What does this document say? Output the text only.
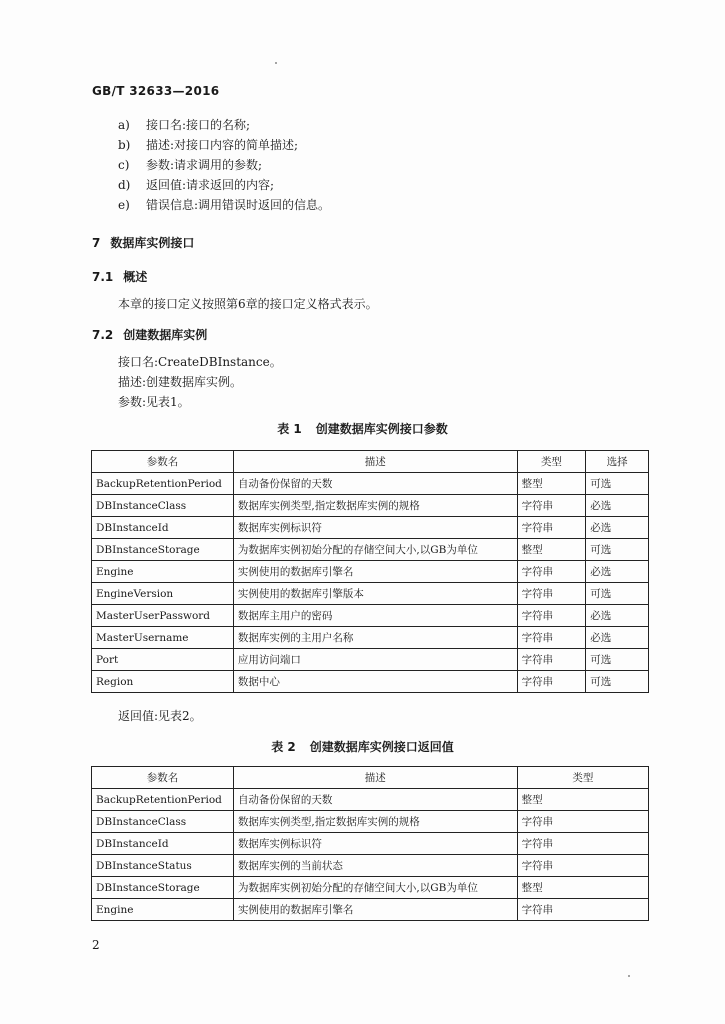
GB/T 32633—2016
a)	接口名:接口的名称;
b)	描述:对接口内容的简单描述;
c)	参数:请求调用的参数;
d)	返回值:请求返回的内容;
e)	错误信息:调用错误时返回的信息。
7 数据库实例接口
7.1 概述
本章的接口定义按照第6章的接口定义格式表示。
7.2 创建数据库实例
接口名:CreateDBInstance。
描述:创建数据库实例。
参数:见表1。
表 1 创建数据库实例接口参数
参数名	描述	类型	选择
BackupRetentionPeriod	自动备份保留的天数	整型	可选
DBInstanceClass	数据库实例类型,指定数据库实例的规格	字符串	必选
DBInstanceId	数据库实例标识符	字符串	必选
DBInstanceStorage	为数据库实例初始分配的存储空间大小,以GB为单位	整型	可选
Engine	实例使用的数据库引擎名	字符串	必选
EngineVersion	实例使用的数据库引擎版本	字符串	可选
MasterUserPassword	数据库主用户的密码	字符串	必选
MasterUsername	数据库实例的主用户名称	字符串	必选
Port	应用访问端口	字符串	可选
Region	数据中心	字符串	可选
返回值:见表2。
表 2 创建数据库实例接口返回值
参数名	描述	类型
BackupRetentionPeriod	自动备份保留的天数	整型
DBInstanceClass	数据库实例类型,指定数据库实例的规格	字符串
DBInstanceId	数据库实例标识符	字符串
DBInstanceStatus	数据库实例的当前状态	字符串
DBInstanceStorage	为数据库实例初始分配的存储空间大小,以GB为单位	整型
Engine	实例使用的数据库引擎名	字符串
2
